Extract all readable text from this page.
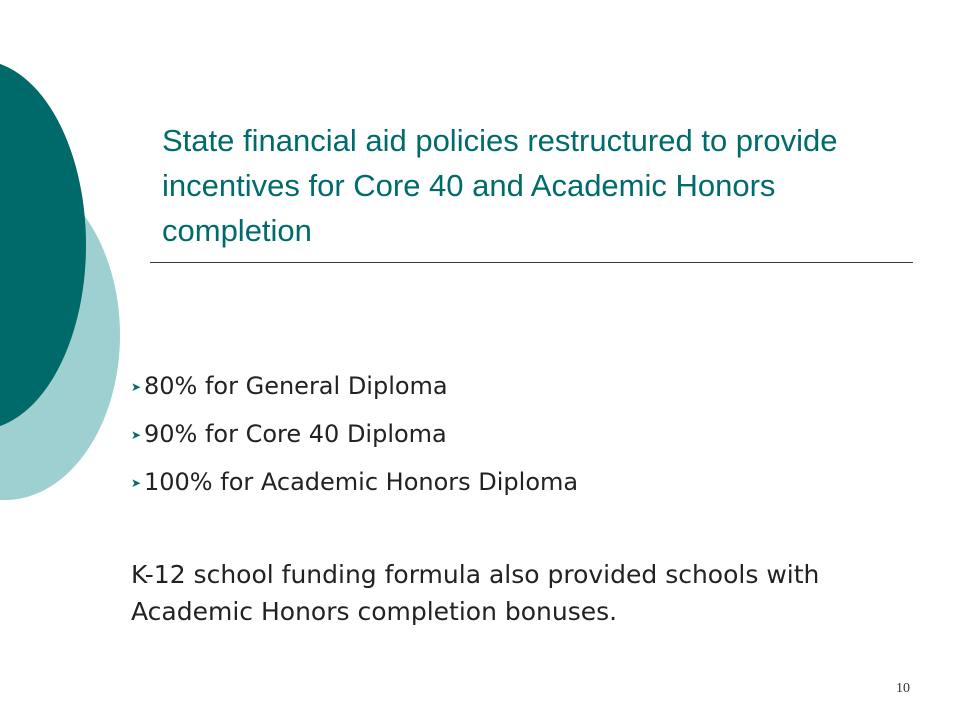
State financial aid policies restructured to provide incentives for Core 40 and Academic Honors completion
➤ 80% for General Diploma
➤ 90% for Core 40 Diploma
➤ 100% for Academic Honors Diploma

K-12 school funding formula also provided schools with Academic Honors completion bonuses.

10
